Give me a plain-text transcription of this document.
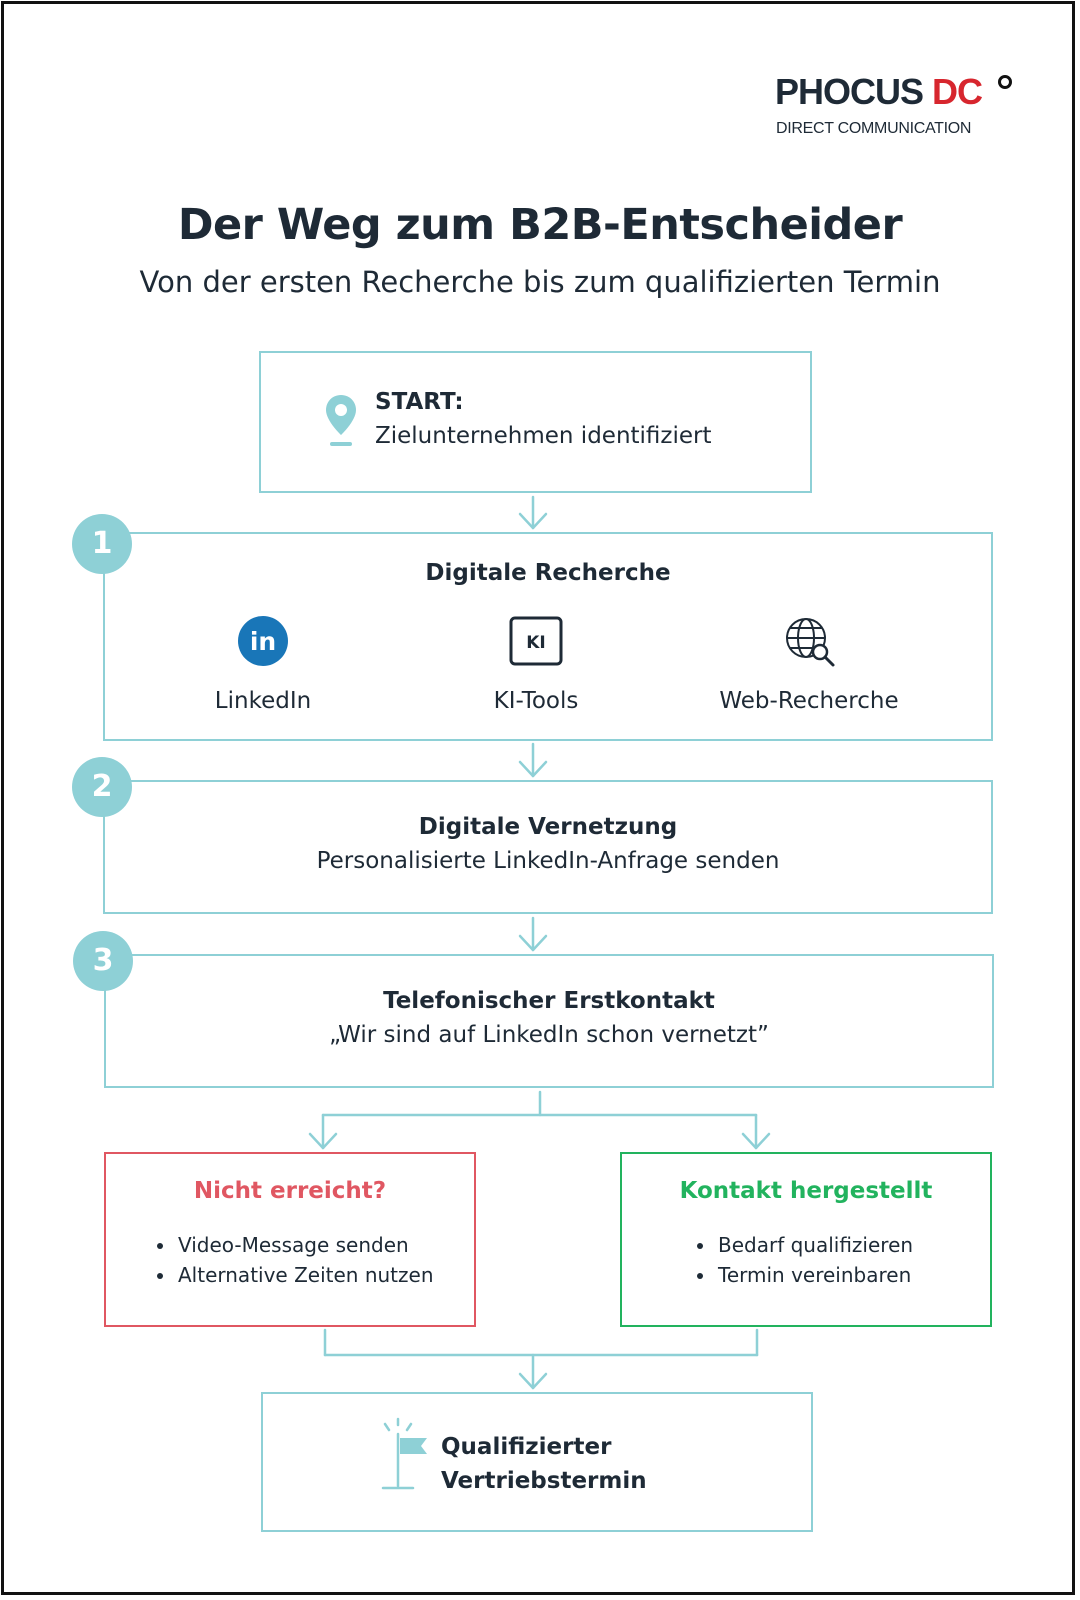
PHOCUS DC
DIRECT COMMUNICATION
Der Weg zum B2B-Entscheider
Von der ersten Recherche bis zum qualifizierten Termin
START:
Zielunternehmen identifiziert
Digitale Recherche
in
LinkedIn
KI
KI-Tools	Web-Recherche
1
Digitale Vernetzung
Personalisierte LinkedIn-Anfrage senden
2
Telefonischer Erstkontakt
„Wir sind auf LinkedIn schon vernetzt”
3
Nicht erreicht?
• Video-Message senden
• Alternative Zeiten nutzen
Kontakt hergestellt
• Bedarf qualifizieren
• Termin vereinbaren
Qualifizierter
Vertriebstermin
